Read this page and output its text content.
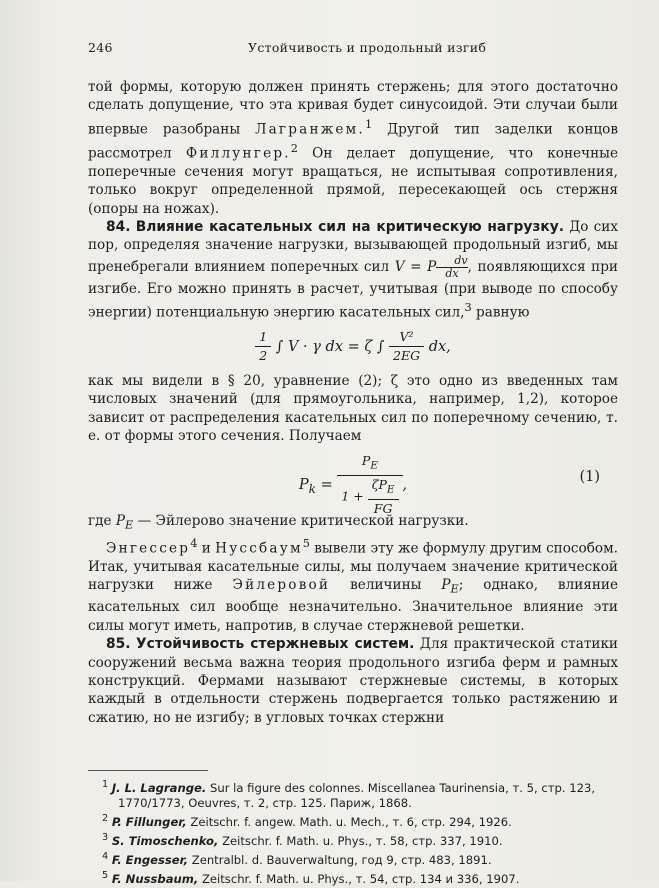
246	Устойчивость и продольный изгиб

той формы, которую должен принять стержень; для этого достаточно сделать допущение, что эта кривая будет синусоидой. Эти случаи были впервые разобраны Лагранжем.$^1$ Другой тип заделки концов рассмотрел Филлунгер.$^2$ Он делает допущение, что конечные поперечные сечения могут вращаться, не испытывая сопротивления, только вокруг определенной прямой, пересекающей ось стержня (опоры на ножах).

84. Влияние касательных сил на критическую нагрузку. До сих пор, определяя значение нагрузки, вызывающей продольный изгиб, мы пренебрегали влиянием поперечных сил V = P $\frac{dv}{dx}$, появляющихся при изгибе. Его можно принять в расчет, учитывая (при выводе по способу энергии) потенциальную энергию касательных сил,$^3$ равную

$\frac{1}{2}$ ∫ V · γ dx = ζ ∫ $\frac{\text{V²}}{2EG}$ dx,

как мы видели в § 20, уравнение (2); ζ это одно из введенных там числовых значений (для прямоугольника, например, 1,2), которое зависит от распределения касательных сил по поперечному сечению, т. е. от формы этого сечения. Получаем

$P_k = \frac{P_E}{1 + \frac{\zeta P_E}{FG}}$ ,
(1)

где $P_E$ — Эйлерово значение критической нагрузки.

Энгессер$^4$ и Нуссбаум$^5$ вывели эту же формулу другим способом. Итак, учитывая касательные силы, мы получаем значение критической нагрузки ниже Эйлеровой величины $P_E$; однако, влияние касательных сил вообще незначительно. Значительное влияние эти силы могут иметь, напротив, в случае стержневой решетки.

85. Устойчивость стержневых систем. Для практической статики сооружений весьма важна теория продольного изгиба ферм и рамных конструкций. Фермами называют стержневые системы, в которых каждый в отдельности стержень подвергается только растяжению и сжатию, но не изгибу; в угловых точках стержни

$^1$ J. L. Lagrange. Sur la figure des colonnes. Miscellanea Taurinensia, т. 5, стр. 123, 1770/1773, Oeuvres, т. 2, стр. 125. Париж, 1868.
$^2$ P. Fillunger, Zeitschr. f. angew. Math. u. Mech., т. 6, стр. 294, 1926.
$^3$ S. Timoschenko, Zeitschr. f. Math. u. Phys., т. 58, стр. 337, 1910.
$^4$ F. Engesser, Zentralbl. d. Bauverwaltung, год 9, стр. 483, 1891.
$^5$ F. Nussbaum, Zeitschr. f. Math. u. Phys., т. 54, стр. 134 и 336, 1907.
